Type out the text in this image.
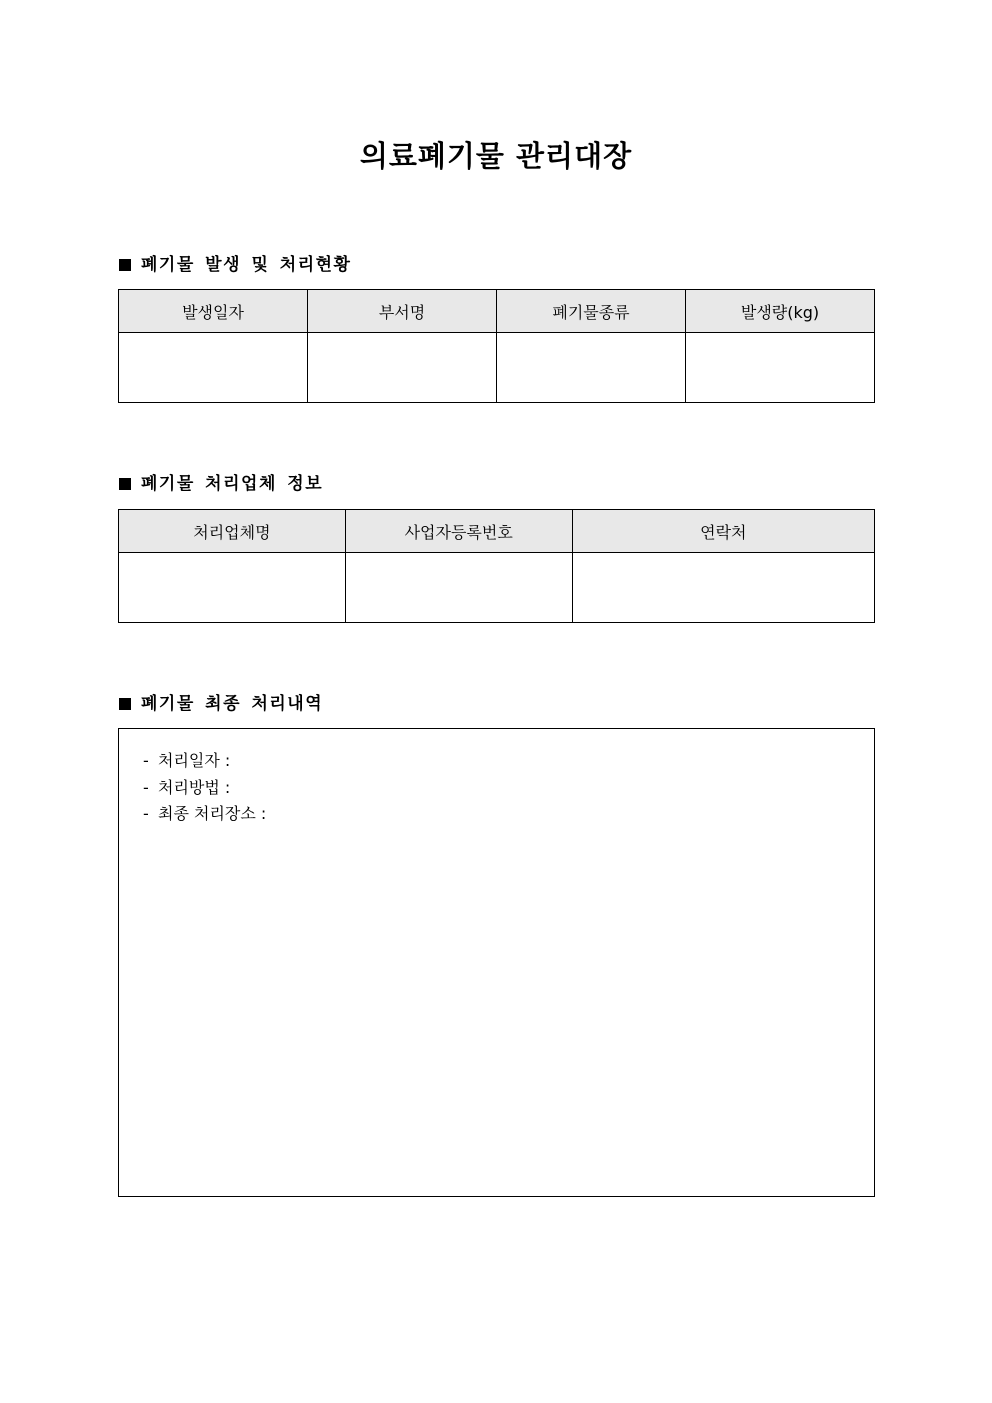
의료폐기물 관리대장
폐기물 발생 및 처리현황
발생일자	부서명	폐기물종류	발생량(kg)

폐기물 처리업체 정보
처리업체명	사업자등록번호	연락처

폐기물 최종 처리내역
- 처리일자 :
- 처리방법 :
- 최종 처리장소 :
